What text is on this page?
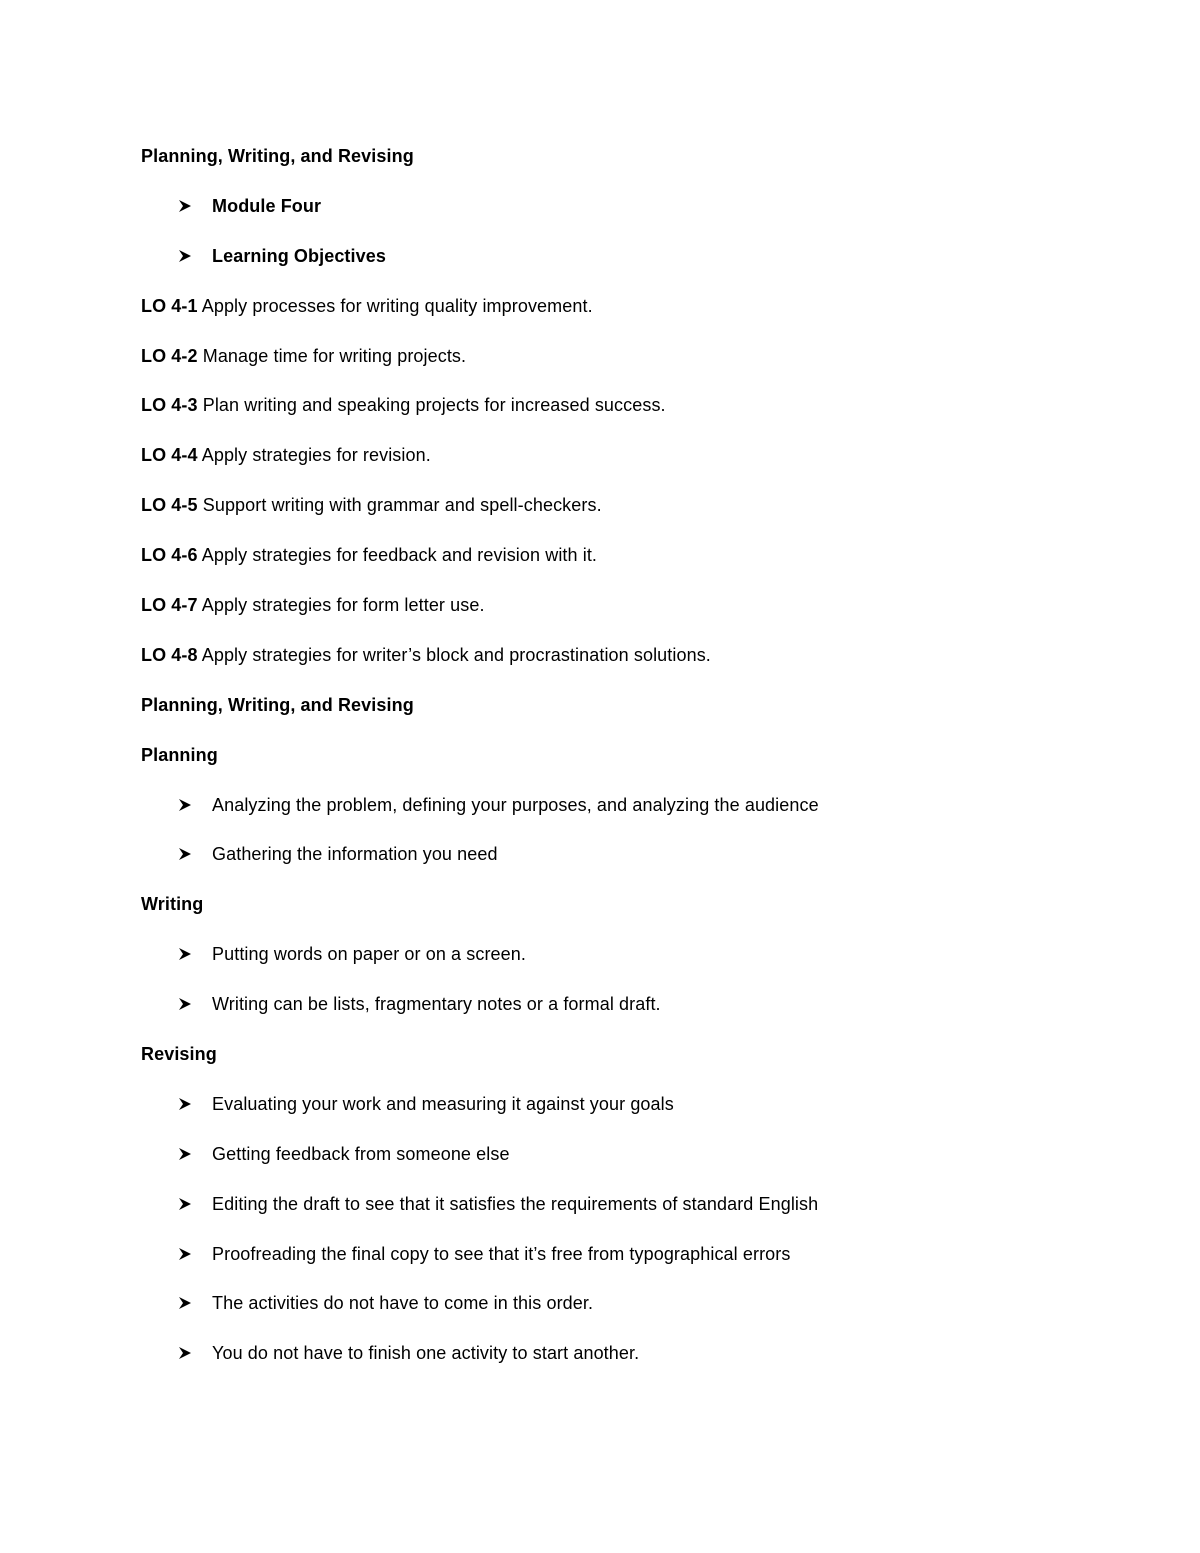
Planning, Writing, and Revising
Module Four
Learning Objectives
LO 4-1 Apply processes for writing quality improvement.
LO 4-2 Manage time for writing projects.
LO 4-3 Plan writing and speaking projects for increased success.
LO 4-4 Apply strategies for revision.
LO 4-5 Support writing with grammar and spell-checkers.
LO 4-6 Apply strategies for feedback and revision with it.
LO 4-7 Apply strategies for form letter use.
LO 4-8 Apply strategies for writer’s block and procrastination solutions.
Planning, Writing, and Revising
Planning
Analyzing the problem, defining your purposes, and analyzing the audience
Gathering the information you need
Writing
Putting words on paper or on a screen.
Writing can be lists, fragmentary notes or a formal draft.
Revising
Evaluating your work and measuring it against your goals
Getting feedback from someone else
Editing the draft to see that it satisfies the requirements of standard English
Proofreading the final copy to see that it’s free from typographical errors
The activities do not have to come in this order.
You do not have to finish one activity to start another.
